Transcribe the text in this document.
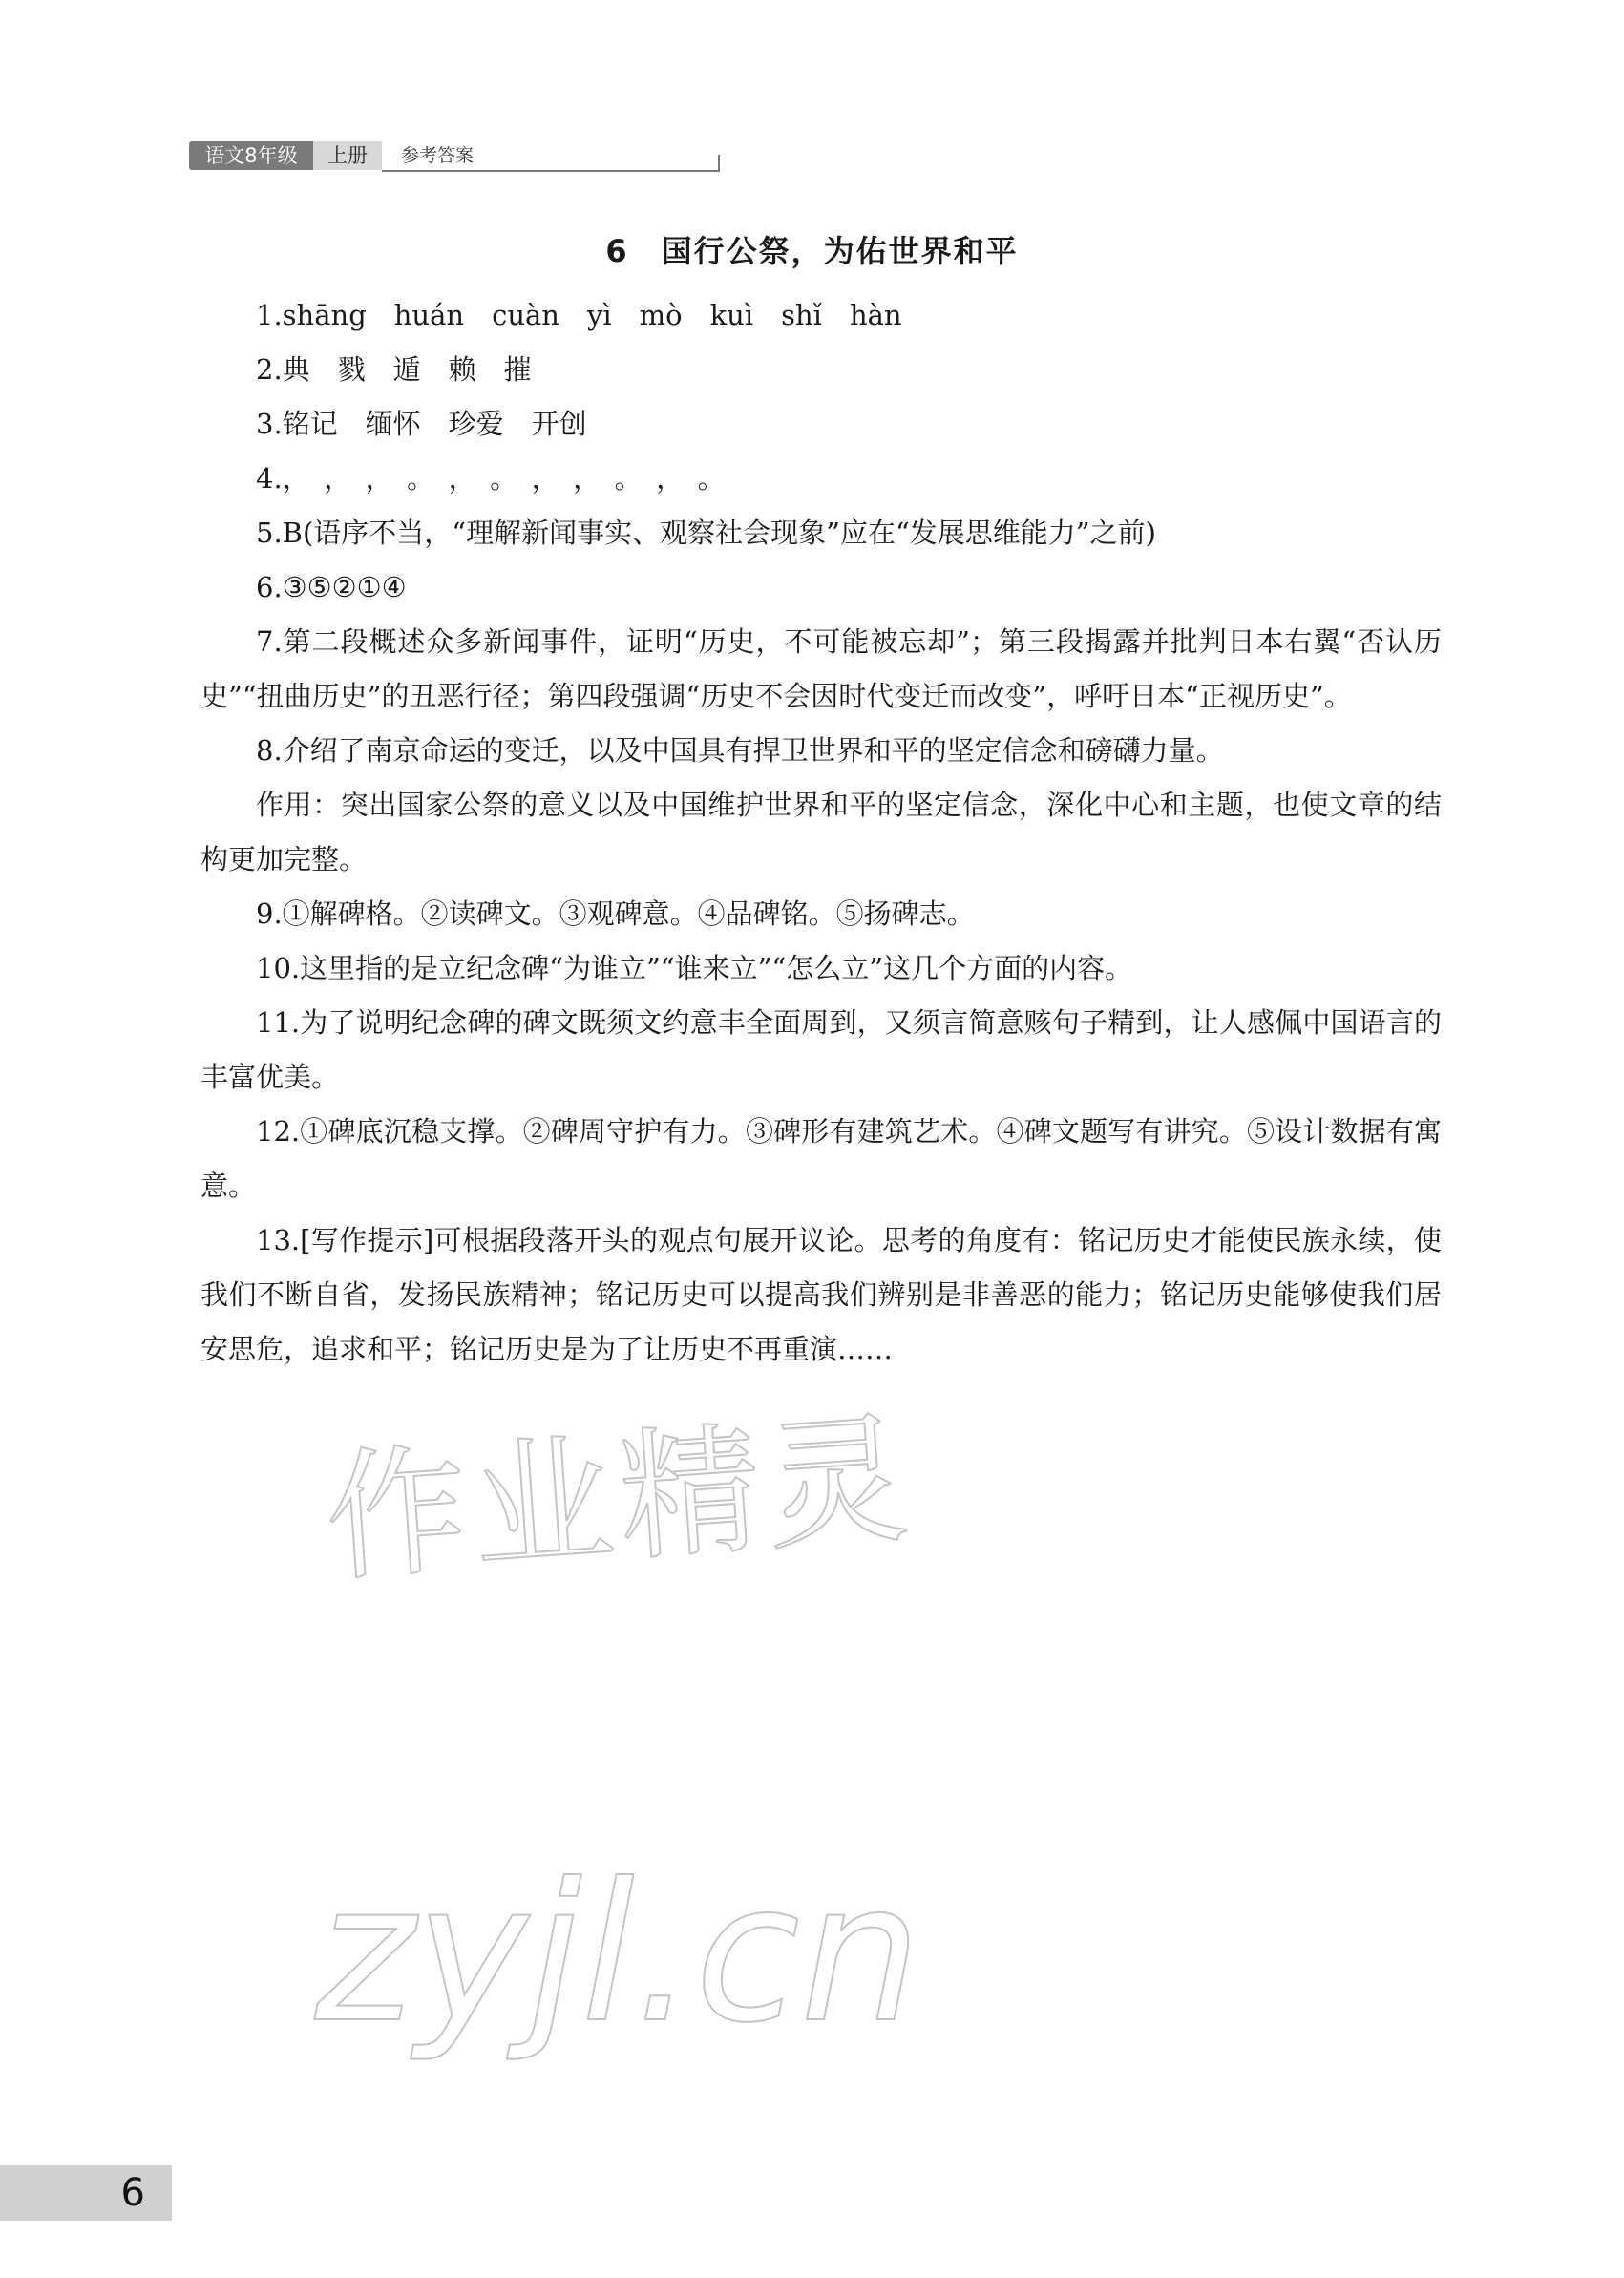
语文8年级	上册	参考答案
6　国行公祭，为佑世界和平

1.shāng　huán　cuàn　yì　mò　kuì　shǐ　hàn

2.典　戮　遁　赖　摧

3.铭记　缅怀　珍爱　开创

4.，　，　，　。　，　。　，　，　。　，　。

5.B(语序不当，“理解新闻事实、观察社会现象”应在“发展思维能力”之前)

6.③⑤②①④

7.第二段概述众多新闻事件，证明“历史，不可能被忘却”；第三段揭露并批判日本右翼“否认历史”“扭曲历史”的丑恶行径；第四段强调“历史不会因时代变迁而改变”，呼吁日本“正视历史”。

8.介绍了南京命运的变迁，以及中国具有捍卫世界和平的坚定信念和磅礴力量。

作用：突出国家公祭的意义以及中国维护世界和平的坚定信念，深化中心和主题，也使文章的结构更加完整。

9.①解碑格。②读碑文。③观碑意。④品碑铭。⑤扬碑志。

10.这里指的是立纪念碑“为谁立”“谁来立”“怎么立”这几个方面的内容。

11.为了说明纪念碑的碑文既须文约意丰全面周到，又须言简意赅句子精到，让人感佩中国语言的丰富优美。

12.①碑底沉稳支撑。②碑周守护有力。③碑形有建筑艺术。④碑文题写有讲究。⑤设计数据有寓意。

13.[写作提示]可根据段落开头的观点句展开议论。思考的角度有：铭记历史才能使民族永续，使我们不断自省，发扬民族精神；铭记历史可以提高我们辨别是非善恶的能力；铭记历史能够使我们居安思危，追求和平；铭记历史是为了让历史不再重演……

作业精灵
zyjl.cn
6
